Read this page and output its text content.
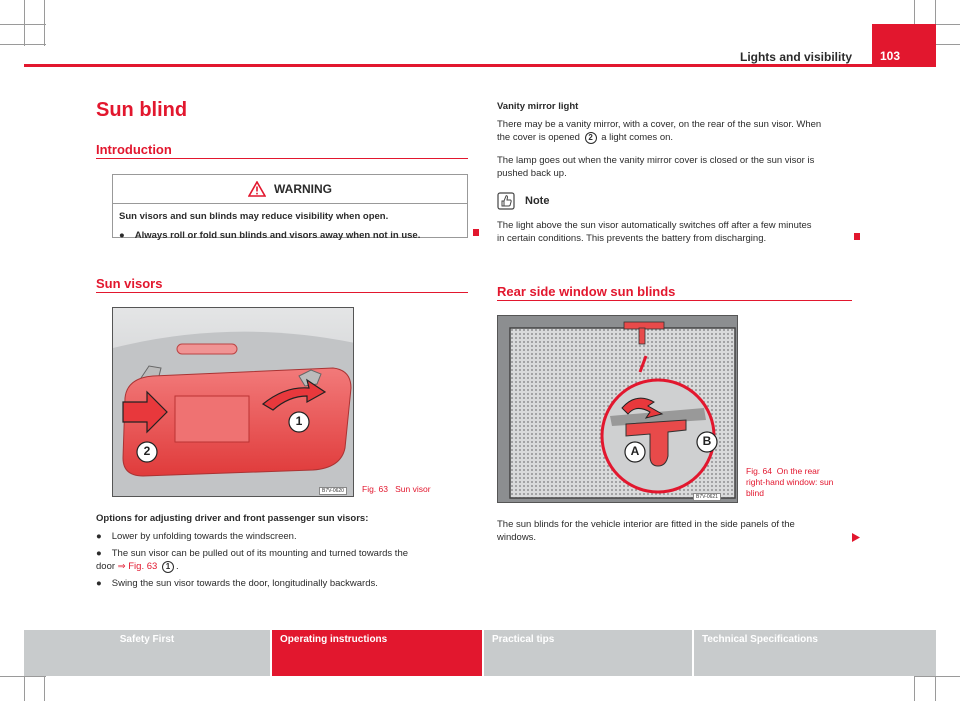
Lights and visibility 103
Sun blind
Introduction
WARNING
Sun visors and sun blinds may reduce visibility when open.
● Always roll or fold sun blinds and visors away when not in use.
Sun visors
1
2
B7V-0620	Fig. 63 Sun visor
Options for adjusting driver and front passenger sun visors:
● Lower by unfolding towards the windscreen.
● The sun visor can be pulled out of its mounting and turned towards the
door ⇒ Fig. 63 1 .
● Swing the sun visor towards the door, longitudinally backwards.
Vanity mirror light
There may be a vanity mirror, with a cover, on the rear of the sun visor. When
the cover is opened 2 a light comes on.
The lamp goes out when the vanity mirror cover is closed or the sun visor is
pushed back up.
Note
The light above the sun visor automatically switches off after a few minutes
in certain conditions. This prevents the battery from discharging.
Rear side window sun blinds
A
B
B7V-0621
Fig. 64 On the rear
right-hand window: sun
blind
The sun blinds for the vehicle interior are fitted in the side panels of the
windows.
Safety First	Operating instructions	Practical tips	Technical Specifications
